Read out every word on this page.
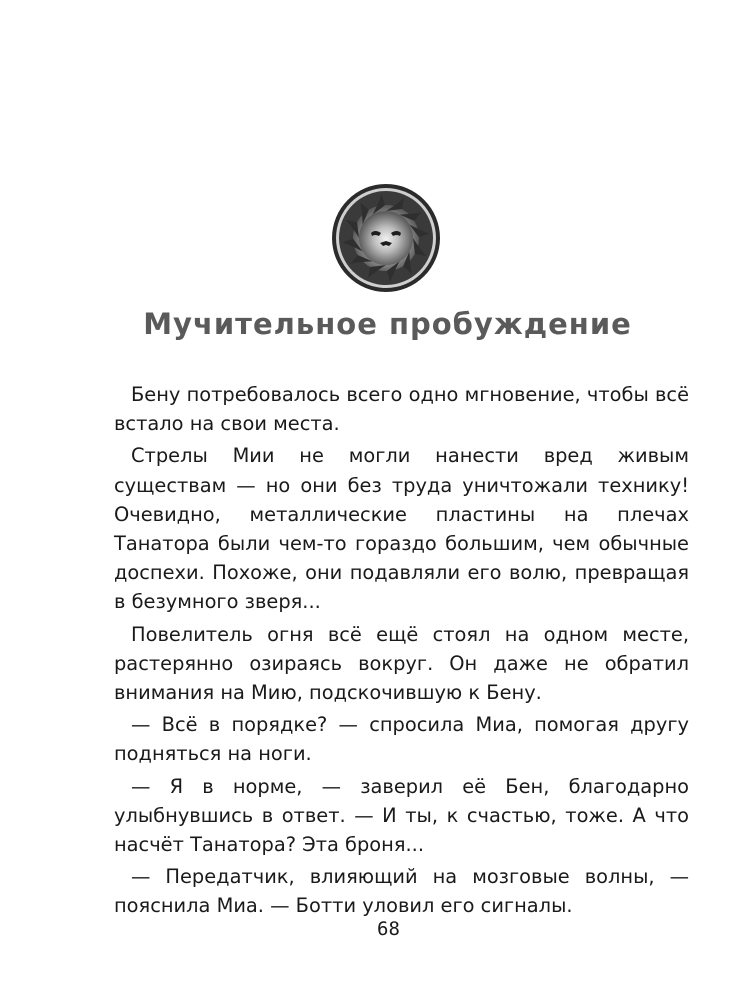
Мучительное пробуждение

Бену потребовалось всего одно мгновение, чтобы всё встало на свои места.

Стрелы Мии не могли нанести вред живым существам — но они без труда уничтожали технику! Очевидно, металлические пластины на плечах Танатора были чем-то гораздо большим, чем обычные доспехи. Похоже, они подавляли его волю, превращая в безумного зверя...

Повелитель огня всё ещё стоял на одном месте, растерянно озираясь вокруг. Он даже не обратил внимания на Мию, подскочившую к Бену.

— Всё в порядке? — спросила Миа, помогая другу подняться на ноги.

— Я в норме, — заверил её Бен, благодарно улыбнувшись в ответ. — И ты, к счастью, тоже. А что насчёт Танатора? Эта броня...

— Передатчик, влияющий на мозговые волны, — пояснила Миа. — Ботти уловил его сигналы.

68
